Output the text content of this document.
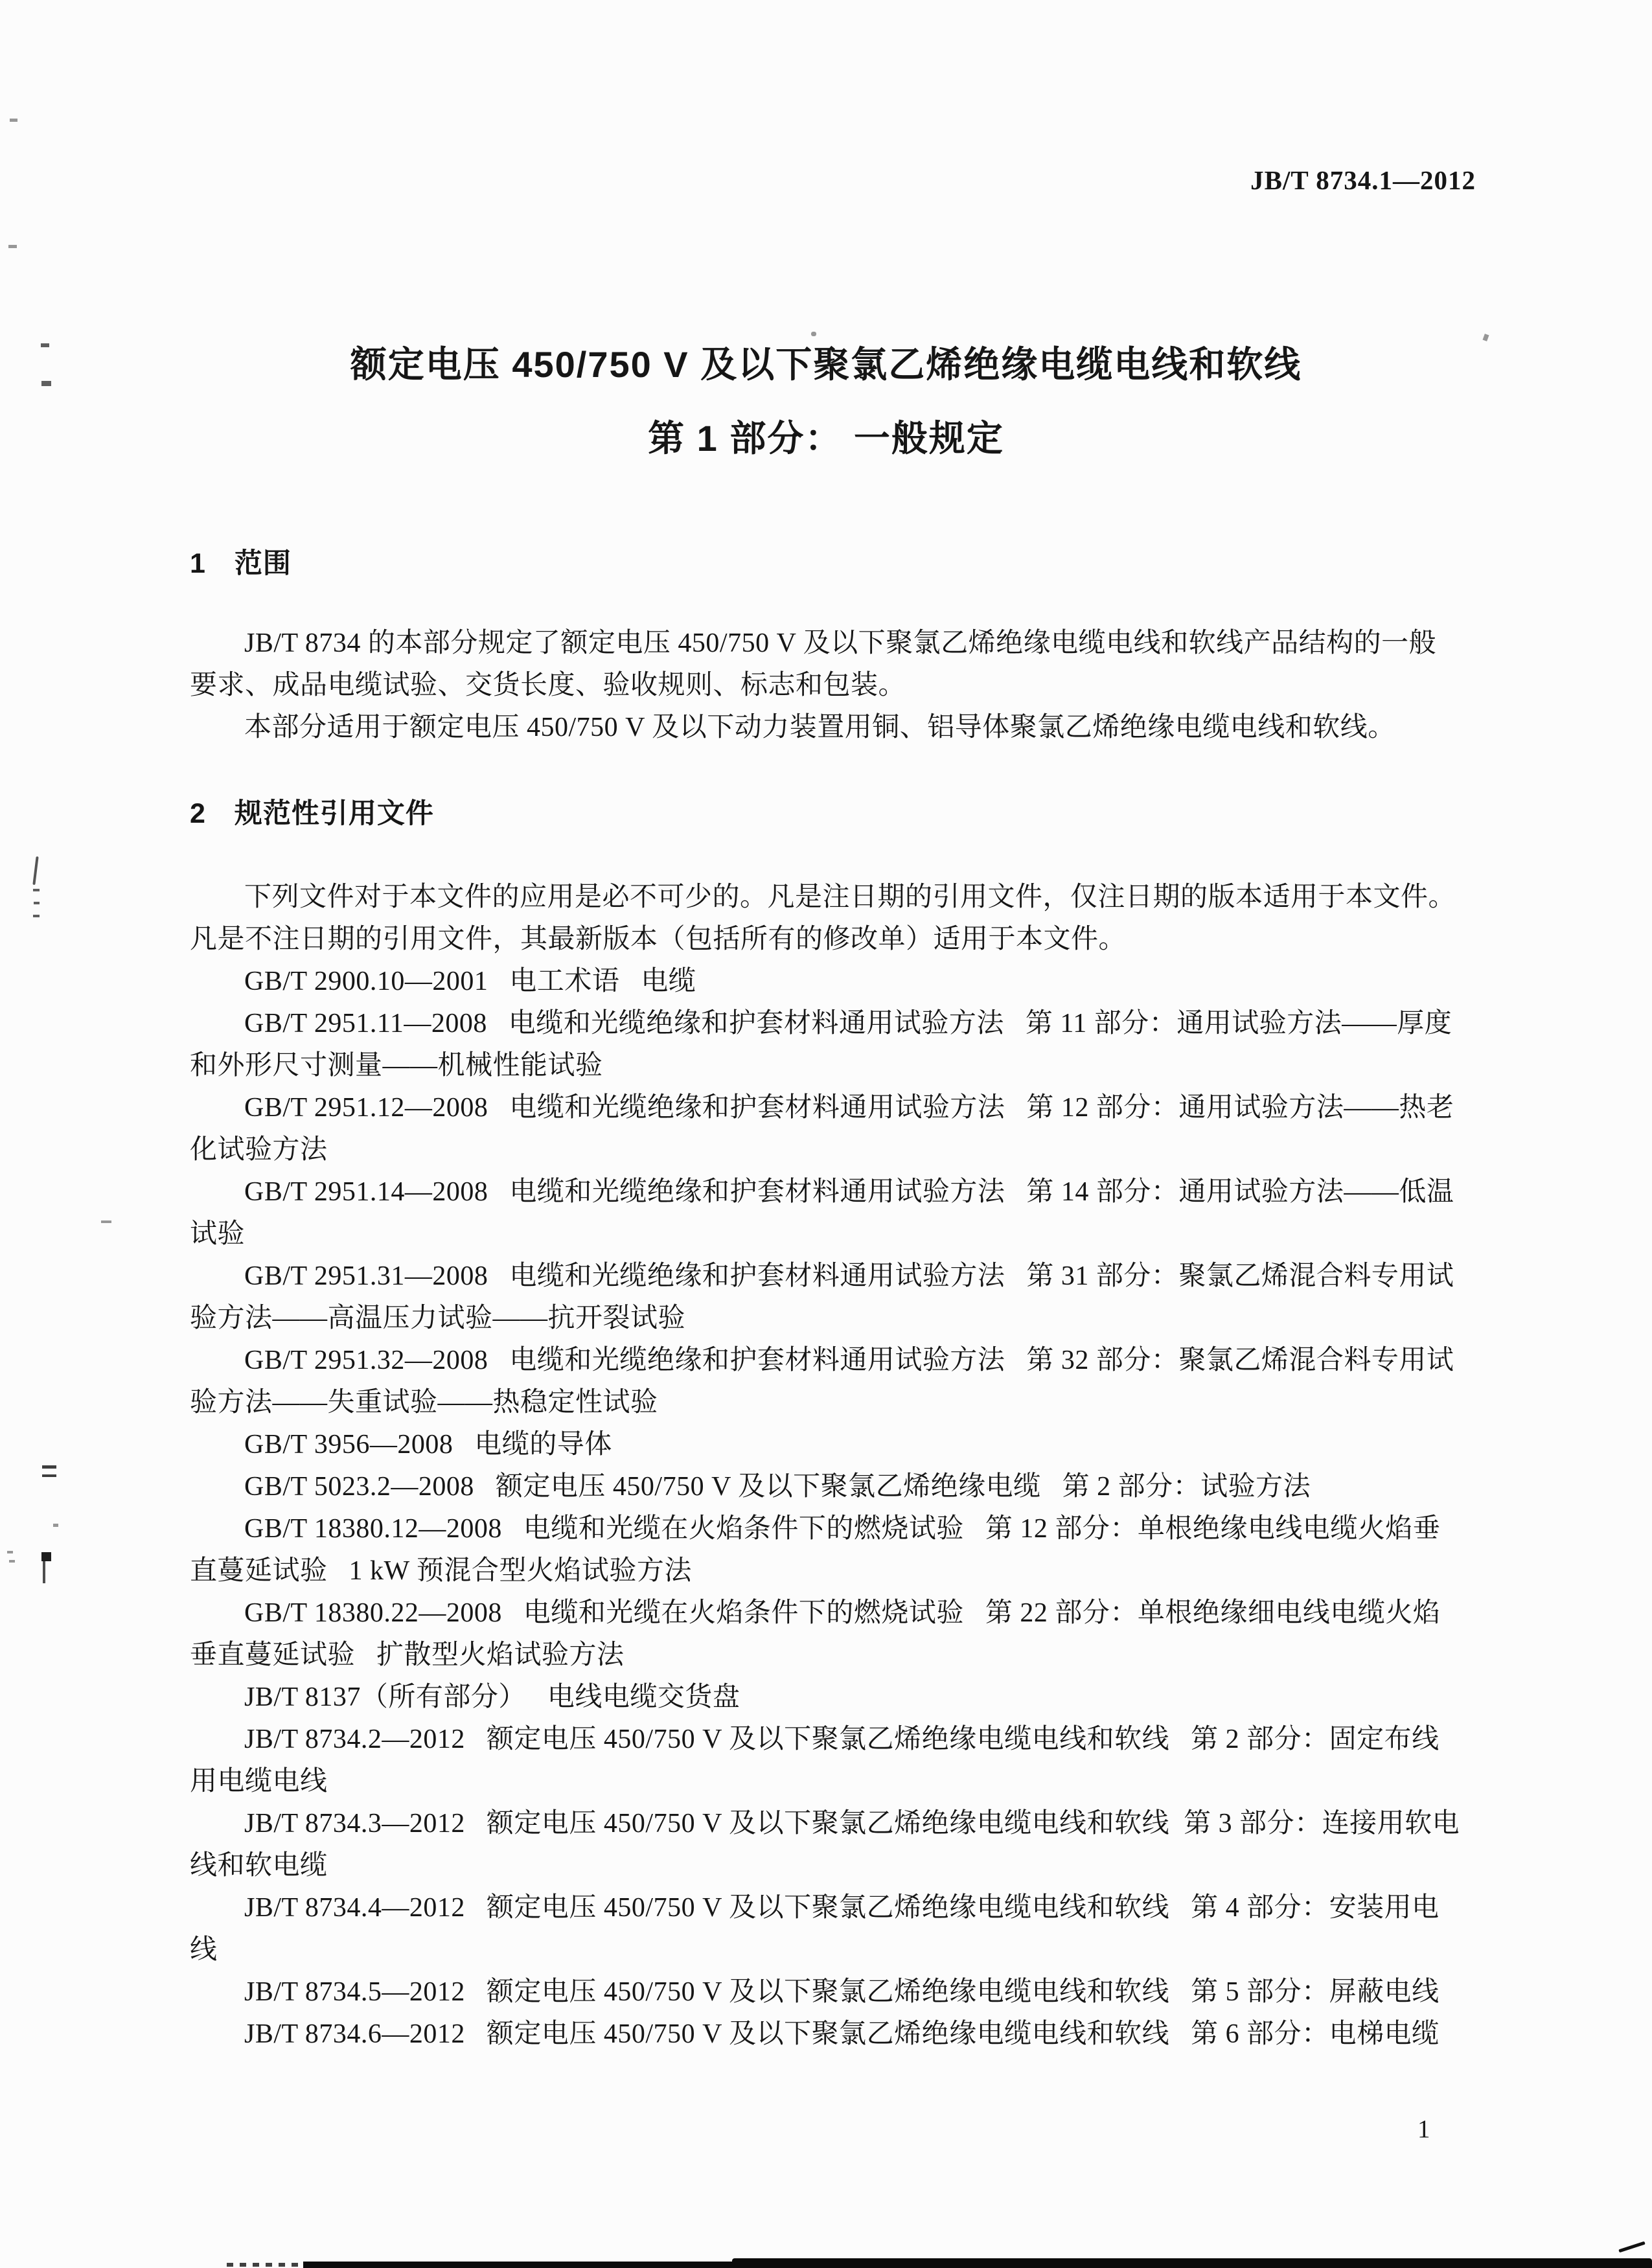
JB/T 8734.1—2012
额定电压 450/750 V 及以下聚氯乙烯绝缘电缆电线和软线
第 1 部分： 一般规定
1 范围

JB/T 8734 的本部分规定了额定电压 450/750 V 及以下聚氯乙烯绝缘电缆电线和软线产品结构的一般要求、成品电缆试验、交货长度、验收规则、标志和包装。

本部分适用于额定电压 450/750 V 及以下动力装置用铜、铝导体聚氯乙烯绝缘电缆电线和软线。

2 规范性引用文件

下列文件对于本文件的应用是必不可少的。凡是注日期的引用文件，仅注日期的版本适用于本文件。凡是不注日期的引用文件，其最新版本（包括所有的修改单）适用于本文件。

GB/T 2900.10—2001   电工术语   电缆

GB/T 2951.11—2008   电缆和光缆绝缘和护套材料通用试验方法   第 11 部分：通用试验方法——厚度和外形尺寸测量——机械性能试验

GB/T 2951.12—2008   电缆和光缆绝缘和护套材料通用试验方法   第 12 部分：通用试验方法——热老化试验方法

GB/T 2951.14—2008   电缆和光缆绝缘和护套材料通用试验方法   第 14 部分：通用试验方法——低温试验

GB/T 2951.31—2008   电缆和光缆绝缘和护套材料通用试验方法   第 31 部分：聚氯乙烯混合料专用试验方法——高温压力试验——抗开裂试验

GB/T 2951.32—2008   电缆和光缆绝缘和护套材料通用试验方法   第 32 部分：聚氯乙烯混合料专用试验方法——失重试验——热稳定性试验

GB/T 3956—2008   电缆的导体

GB/T 5023.2—2008   额定电压 450/750 V 及以下聚氯乙烯绝缘电缆   第 2 部分：试验方法

GB/T 18380.12—2008   电缆和光缆在火焰条件下的燃烧试验   第 12 部分：单根绝缘电线电缆火焰垂直蔓延试验   1 kW 预混合型火焰试验方法

GB/T 18380.22—2008   电缆和光缆在火焰条件下的燃烧试验   第 22 部分：单根绝缘细电线电缆火焰垂直蔓延试验   扩散型火焰试验方法

JB/T 8137（所有部分）   电线电缆交货盘

JB/T 8734.2—2012   额定电压 450/750 V 及以下聚氯乙烯绝缘电缆电线和软线   第 2 部分：固定布线用电缆电线

JB/T 8734.3—2012   额定电压 450/750 V 及以下聚氯乙烯绝缘电缆电线和软线  第 3 部分：连接用软电线和软电缆

JB/T 8734.4—2012   额定电压 450/750 V 及以下聚氯乙烯绝缘电缆电线和软线   第 4 部分：安装用电线

JB/T 8734.5—2012   额定电压 450/750 V 及以下聚氯乙烯绝缘电缆电线和软线   第 5 部分：屏蔽电线

JB/T 8734.6—2012   额定电压 450/750 V 及以下聚氯乙烯绝缘电缆电线和软线   第 6 部分：电梯电缆

1
